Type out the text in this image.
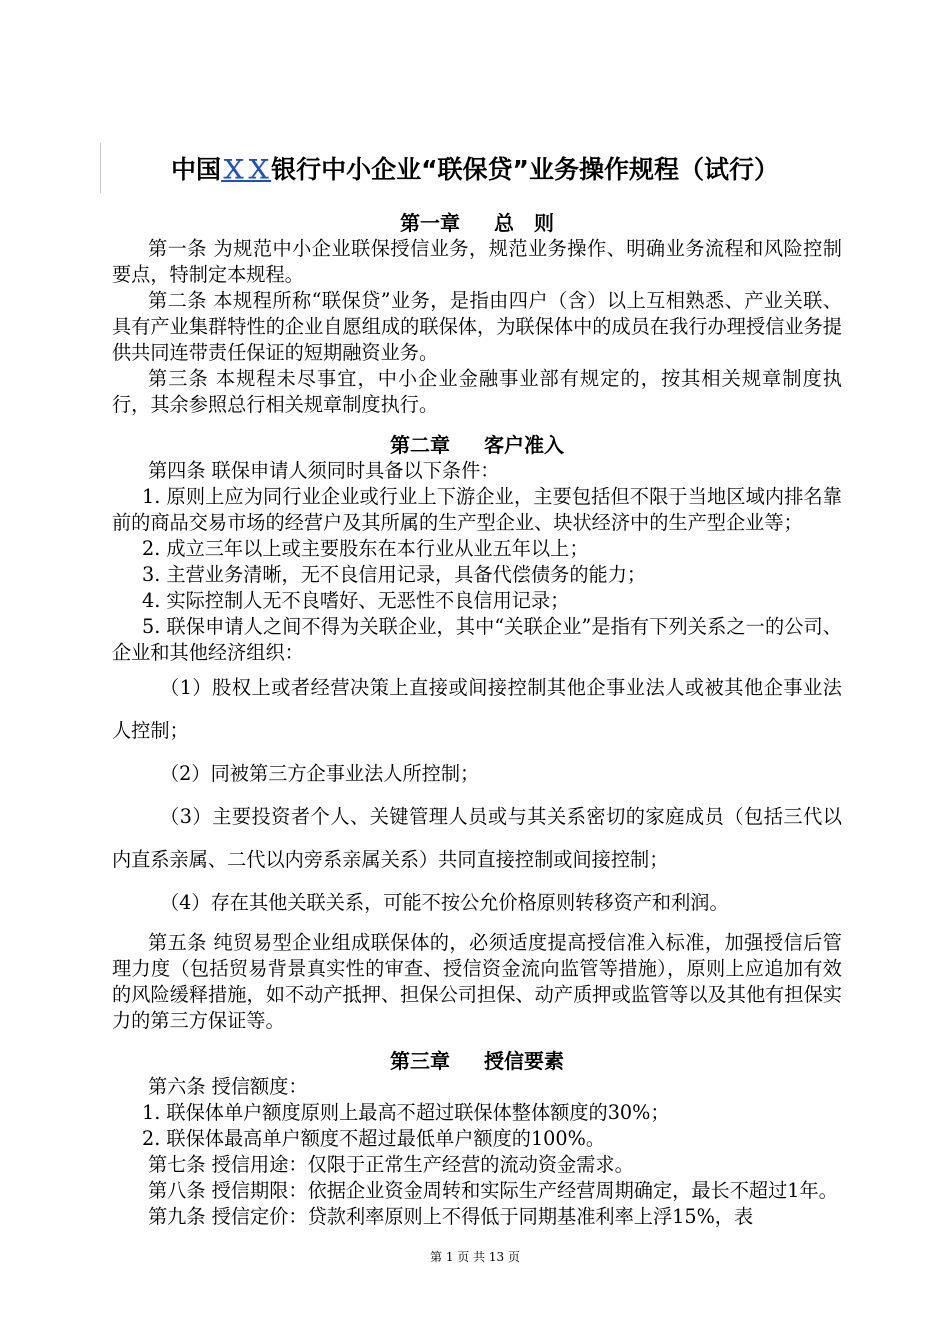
中国ＸＸ银行中小企业“联保贷”业务操作规程（试行）

第一章 总　则

第一条 为规范中小企业联保授信业务，规范业务操作、明确业务流程和风险控制要点，特制定本规程。

第二条 本规程所称“联保贷”业务，是指由四户（含）以上互相熟悉、产业关联、具有产业集群特性的企业自愿组成的联保体，为联保体中的成员在我行办理授信业务提供共同连带责任保证的短期融资业务。

第三条 本规程未尽事宜，中小企业金融事业部有规定的，按其相关规章制度执行，其余参照总行相关规章制度执行。

第二章 客户准入

第四条 联保申请人须同时具备以下条件：

1. 原则上应为同行业企业或行业上下游企业，主要包括但不限于当地区域内排名靠前的商品交易市场的经营户及其所属的生产型企业、块状经济中的生产型企业等；

2. 成立三年以上或主要股东在本行业从业五年以上；

3. 主营业务清晰，无不良信用记录，具备代偿债务的能力；

4. 实际控制人无不良嗜好、无恶性不良信用记录；

5. 联保申请人之间不得为关联企业，其中“关联企业”是指有下列关系之一的公司、企业和其他经济组织：

（1）股权上或者经营决策上直接或间接控制其他企事业法人或被其他企事业法人控制；

（2）同被第三方企事业法人所控制；

（3）主要投资者个人、关键管理人员或与其关系密切的家庭成员（包括三代以内直系亲属、二代以内旁系亲属关系）共同直接控制或间接控制；

（4）存在其他关联关系，可能不按公允价格原则转移资产和利润。

第五条 纯贸易型企业组成联保体的，必须适度提高授信准入标准，加强授信后管理力度（包括贸易背景真实性的审查、授信资金流向监管等措施），原则上应追加有效的风险缓释措施，如不动产抵押、担保公司担保、动产质押或监管等以及其他有担保实力的第三方保证等。

第三章 授信要素

第六条 授信额度：

1. 联保体单户额度原则上最高不超过联保体整体额度的30%；

2. 联保体最高单户额度不超过最低单户额度的100%。

第七条 授信用途：仅限于正常生产经营的流动资金需求。

第八条 授信期限：依据企业资金周转和实际生产经营周期确定，最长不超过1年。

第九条 授信定价：贷款利率原则上不得低于同期基准利率上浮15%，表

第 1 页 共 13 页
